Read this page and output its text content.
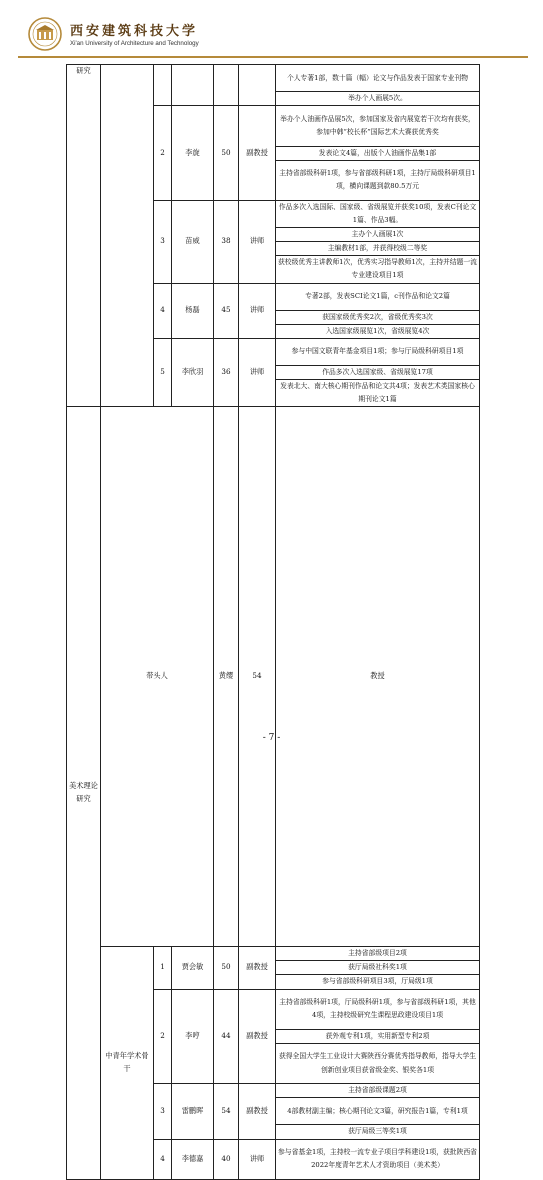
西安建筑科技大学
Xi'an University of Architecture and Technology
研究						个人专著1部，数十篇（幅）论文与作品发表于国家专业刊物	
						举办个人画展5次。	
		2	李旋	50	副教授	举办个人油画作品展5次，参加国家及省内展览若干次均有获奖，参加中韩“校长杯”国际艺术大赛获优秀奖	
						发表论文4篇，出版个人油画作品集1部	
						主持省部级科研1项，参与省部级科研1项，主持厅局级科研项目1项，横向课题到款80.5万元	
		3	苗威	38	讲师	作品多次入选国际、国家级、省级展览并获奖10项，发表C刊论文1篇、作品3幅。	
						主办个人画展1次	
						主编教材1部，并获得校级二等奖	
						获校级优秀主讲教师1次，优秀实习指导教师1次，主持并结题一流专业建设项目1项	
		4	杨磊	45	讲师	专著2部，发表SCI论文1篇，c刊作品和论文2篇	
						获国家级优秀奖2次，省级优秀奖3次	
						入选国家级展览1次，省级展览4次	
		5	李欣羽	36	讲师	参与中国文联青年基金项目1项；参与厅局级科研项目1项	
						作品多次入选国家级、省级展览17项	
						发表北大、南大核心期刊作品和论文共4项；发表艺术类国家核心期刊论文1篇	
美术理论研究	带头人			黄缨	54	教授	

	中青年学术骨干	1	贾会敏	50	副教授	主持省部级项目2项	
						获厅局级社科奖1项	
						参与省部级科研项目3项，厅局级1项	
		2	李哼	44	副教授	主持省部级科研1项，厅局级科研1项，参与省部级科研1项，其他4项，主持校级研究生课程思政建设项目1项	
						获外观专利1项，实用新型专利2项	
						获得全国大学生工业设计大赛陕西分赛优秀指导教师，指导大学生创新创业项目获省级金奖、银奖各1项	
		3	雷鹏晖	54	副教授	主持省部级课题2项	
						4部教材副主编；核心期刊论文3篇，研究报告1篇，专利1项	
						获厅局级三等奖1项	
		4	李德嘉	40	讲师	参与省基金1项，主持校一流专业子项目学科建设1项，获批陕西省2022年度青年艺术人才资助项目（美术类）	
- 7 -
